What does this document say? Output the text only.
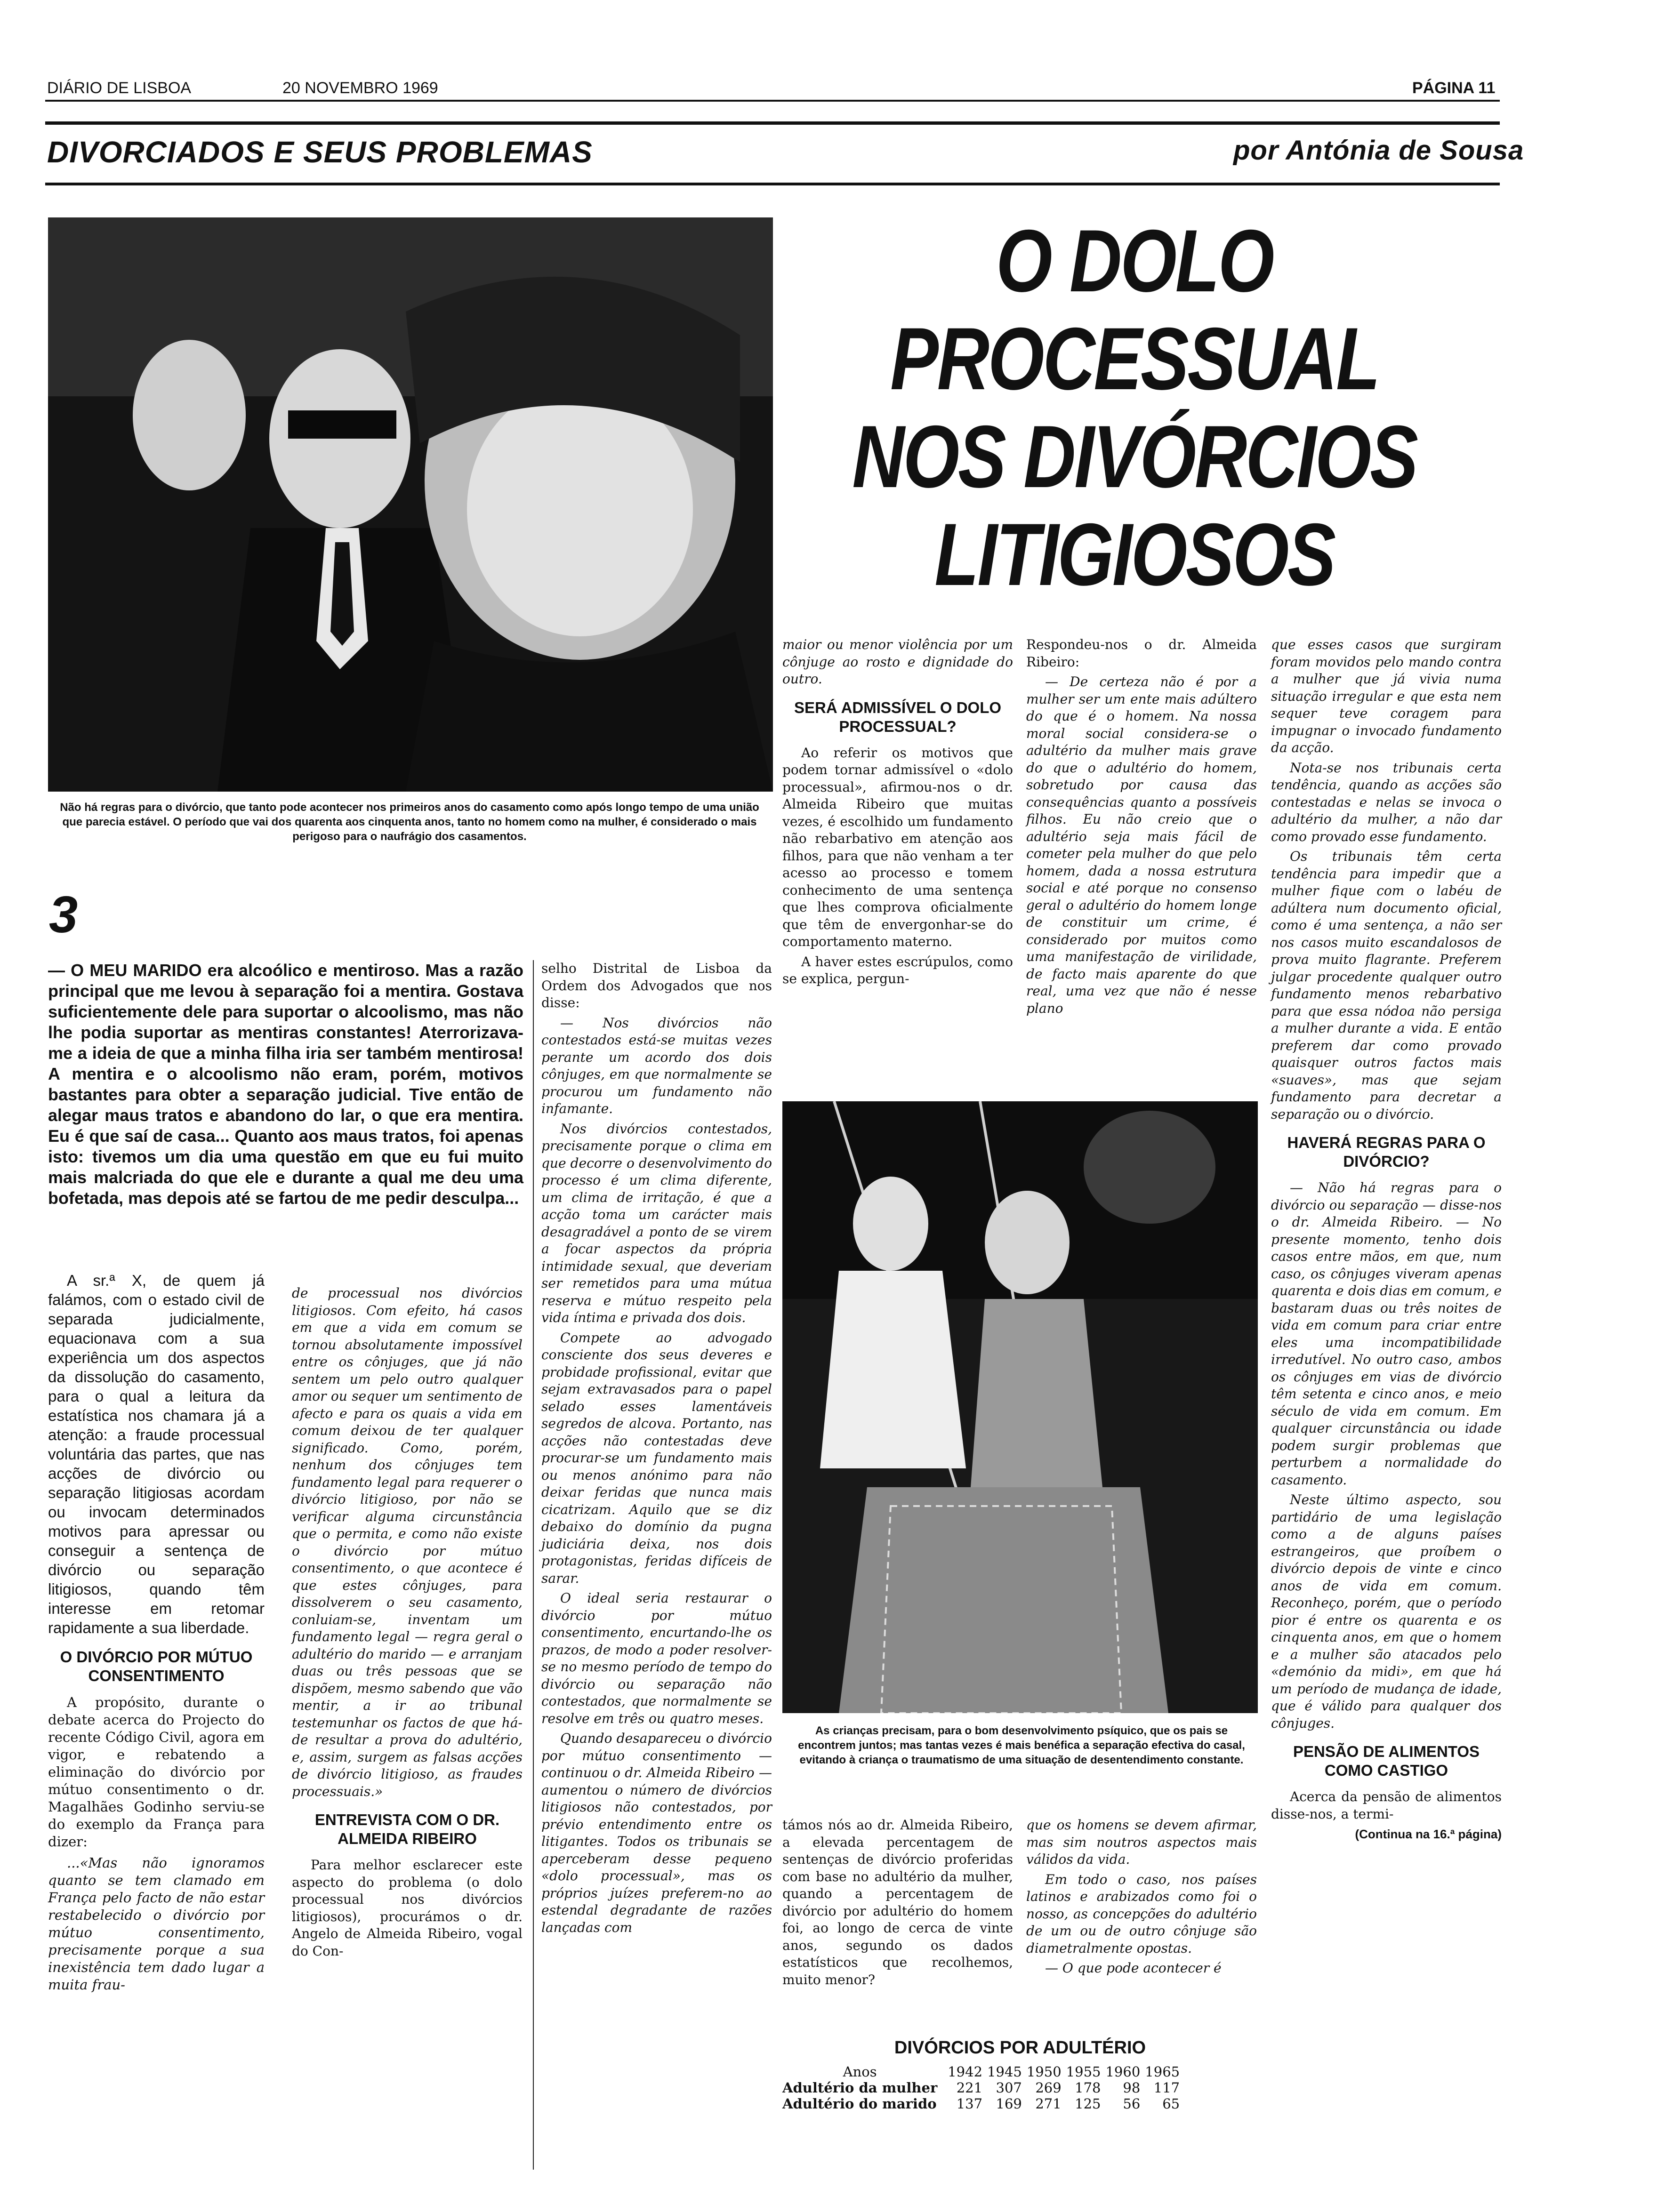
DIÁRIO DE LISBOA	20 NOVEMBRO 1969	PÁGINA 11
DIVORCIADOS E SEUS PROBLEMAS	por Antónia de Sousa
Não há regras para o divórcio, que tanto pode acontecer nos primeiros anos do casamento como após longo tempo de uma união que parecia estável. O período que vai dos quarenta aos cinquenta anos, tanto no homem como na mulher, é considerado o mais perigoso para o naufrágio dos casamentos.
O DOLO
PROCESSUAL
NOS DIVÓRCIOS
LITIGIOSOS
3
— O MEU MARIDO era alcoólico e mentiroso. Mas a razão principal que me levou à separação foi a mentira. Gostava suficientemente dele para suportar o alcoolismo, mas não lhe podia suportar as mentiras constantes! Aterrorizava-me a ideia de que a minha filha iria ser também mentirosa! A mentira e o alcoolismo não eram, porém, motivos bastantes para obter a separação judicial. Tive então de alegar maus tratos e abandono do lar, o que era mentira. Eu é que saí de casa... Quanto aos maus tratos, foi apenas isto: tivemos um dia uma questão em que eu fui muito mais malcriada do que ele e durante a qual me deu uma bofetada, mas depois até se fartou de me pedir desculpa...

A sr.ª X, de quem já falámos, com o estado civil de separada judicialmente, equacionava com a sua experiência um dos aspectos da dissolução do casamento, para o qual a leitura da estatística nos chamara já a atenção: a fraude processual voluntária das partes, que nas acções de divórcio ou separação litigiosas acordam ou invocam determinados motivos para apressar ou conseguir a sentença de divórcio ou separação litigiosos, quando têm interesse em retomar rapidamente a sua liberdade.

O DIVÓRCIO POR MÚTUO CONSENTIMENTO

A propósito, durante o debate acerca do Projecto do recente Código Civil, agora em vigor, e rebatendo a eliminação do divórcio por mútuo consentimento o dr. Magalhães Godinho serviu-se do exemplo da França para dizer:

...«Mas não ignoramos quanto se tem clamado em França pelo facto de não estar restabelecido o divórcio por mútuo consentimento, precisamente porque a sua inexistência tem dado lugar a muita frau-

de processual nos divórcios litigiosos. Com efeito, há casos em que a vida em comum se tornou absolutamente impossível entre os cônjuges, que já não sentem um pelo outro qualquer amor ou sequer um sentimento de afecto e para os quais a vida em comum deixou de ter qualquer significado. Como, porém, nenhum dos cônjuges tem fundamento legal para requerer o divórcio litigioso, por não se verificar alguma circunstância que o permita, e como não existe o divórcio por mútuo consentimento, o que acontece é que estes cônjuges, para dissolverem o seu casamento, conluiam-se, inventam um fundamento legal — regra geral o adultério do marido — e arranjam duas ou três pessoas que se dispõem, mesmo sabendo que vão mentir, a ir ao tribunal testemunhar os factos de que há-de resultar a prova do adultério, e, assim, surgem as falsas acções de divórcio litigioso, as fraudes processuais.»

ENTREVISTA COM O DR. ALMEIDA RIBEIRO

Para melhor esclarecer este aspecto do problema (o dolo processual nos divórcios litigiosos), procurámos o dr. Angelo de Almeida Ribeiro, vogal do Con-

selho Distrital de Lisboa da Ordem dos Advogados que nos disse:

— Nos divórcios não contestados está-se muitas vezes perante um acordo dos dois cônjuges, em que normalmente se procurou um fundamento não infamante.

Nos divórcios contestados, precisamente porque o clima em que decorre o desenvolvimento do processo é um clima diferente, um clima de irritação, é que a acção toma um carácter mais desagradável a ponto de se virem a focar aspectos da própria intimidade sexual, que deveriam ser remetidos para uma mútua reserva e mútuo respeito pela vida íntima e privada dos dois.

Compete ao advogado consciente dos seus deveres e probidade profissional, evitar que sejam extravasados para o papel selado esses lamentáveis segredos de alcova. Portanto, nas acções não contestadas deve procurar-se um fundamento mais ou menos anónimo para não deixar feridas que nunca mais cicatrizam. Aquilo que se diz debaixo do domínio da pugna judiciária deixa, nos dois protagonistas, feridas difíceis de sarar.

O ideal seria restaurar o divórcio por mútuo consentimento, encurtando-lhe os prazos, de modo a poder resolver-se no mesmo período de tempo do divórcio ou separação não contestados, que normalmente se resolve em três ou quatro meses.

Quando desapareceu o divórcio por mútuo consentimento — continuou o dr. Almeida Ribeiro — aumentou o número de divórcios litigiosos não contestados, por prévio entendimento entre os litigantes. Todos os tribunais se aperceberam desse pequeno «dolo processual», mas os próprios juízes preferem-no ao estendal degradante de razões lançadas com

maior ou menor violência por um cônjuge ao rosto e dignidade do outro.

SERÁ ADMISSÍVEL O DOLO PROCESSUAL?

Ao referir os motivos que podem tornar admissível o «dolo processual», afirmou-nos o dr. Almeida Ribeiro que muitas vezes, é escolhido um fundamento não rebarbativo em atenção aos filhos, para que não venham a ter acesso ao processo e tomem conhecimento de uma sentença que lhes comprova oficialmente que têm de envergonhar-se do comportamento materno.

A haver estes escrúpulos, como se explica, pergun-

Respondeu-nos o dr. Almeida Ribeiro:

— De certeza não é por a mulher ser um ente mais adúltero do que é o homem. Na nossa moral social considera-se o adultério da mulher mais grave do que o adultério do homem, sobretudo por causa das consequências quanto a possíveis filhos. Eu não creio que o adultério seja mais fácil de cometer pela mulher do que pelo homem, dada a nossa estrutura social e até porque no consenso geral o adultério do homem longe de constituir um crime, é considerado por muitos como uma manifestação de virilidade, de facto mais aparente do que real, uma vez que não é nesse plano

As crianças precisam, para o bom desenvolvimento psíquico, que os pais se encontrem juntos; mas tantas vezes é mais benéfica a separação efectiva do casal, evitando à criança o traumatismo de uma situação de desentendimento constante.

que esses casos que surgiram foram movidos pelo mando contra a mulher que já vivia numa situação irregular e que esta nem sequer teve coragem para impugnar o invocado fundamento da acção.

Nota-se nos tribunais certa tendência, quando as acções são contestadas e nelas se invoca o adultério da mulher, a não dar como provado esse fundamento.

Os tribunais têm certa tendência para impedir que a mulher fique com o labéu de adúltera num documento oficial, como é uma sentença, a não ser nos casos muito escandalosos de prova muito flagrante. Preferem julgar procedente qualquer outro fundamento menos rebarbativo para que essa nódoa não persiga a mulher durante a vida. E então preferem dar como provado quaisquer outros factos mais «suaves», mas que sejam fundamento para decretar a separação ou o divórcio.

HAVERÁ REGRAS PARA O DIVÓRCIO?

— Não há regras para o divórcio ou separação — disse-nos o dr. Almeida Ribeiro. — No presente momento, tenho dois casos entre mãos, em que, num caso, os cônjuges viveram apenas quarenta e dois dias em comum, e bastaram duas ou três noites de vida em comum para criar entre eles uma incompatibilidade irredutível. No outro caso, ambos os cônjuges em vias de divórcio têm setenta e cinco anos, e meio século de vida em comum. Em qualquer circunstância ou idade podem surgir problemas que perturbem a normalidade do casamento.

Neste último aspecto, sou partidário de uma legislação como a de alguns países estrangeiros, que proíbem o divórcio depois de vinte e cinco anos de vida em comum. Reconheço, porém, que o período pior é entre os quarenta e os cinquenta anos, em que o homem e a mulher são atacados pelo «demónio da midi», em que há um período de mudança de idade, que é válido para qualquer dos cônjuges.

PENSÃO DE ALIMENTOS COMO CASTIGO

Acerca da pensão de alimentos disse-nos, a termi-

(Continua na 16.ª página)

támos nós ao dr. Almeida Ribeiro, a elevada percentagem de sentenças de divórcio proferidas com base no adultério da mulher, quando a percentagem de divórcio por adultério do homem foi, ao longo de cerca de vinte anos, segundo os dados estatísticos que recolhemos, muito menor?

que os homens se devem afirmar, mas sim noutros aspectos mais válidos da vida.

Em todo o caso, nos países latinos e arabizados como foi o nosso, as concepções do adultério de um ou de outro cônjuge são diametralmente opostas.

— O que pode acontecer é

DIVÓRCIOS POR ADULTÉRIO
Anos	1942	1945	1950	1955	1960	1965
Adultério da mulher	221	307	269	178	98	117
Adultério do marido	137	169	271	125	56	65
